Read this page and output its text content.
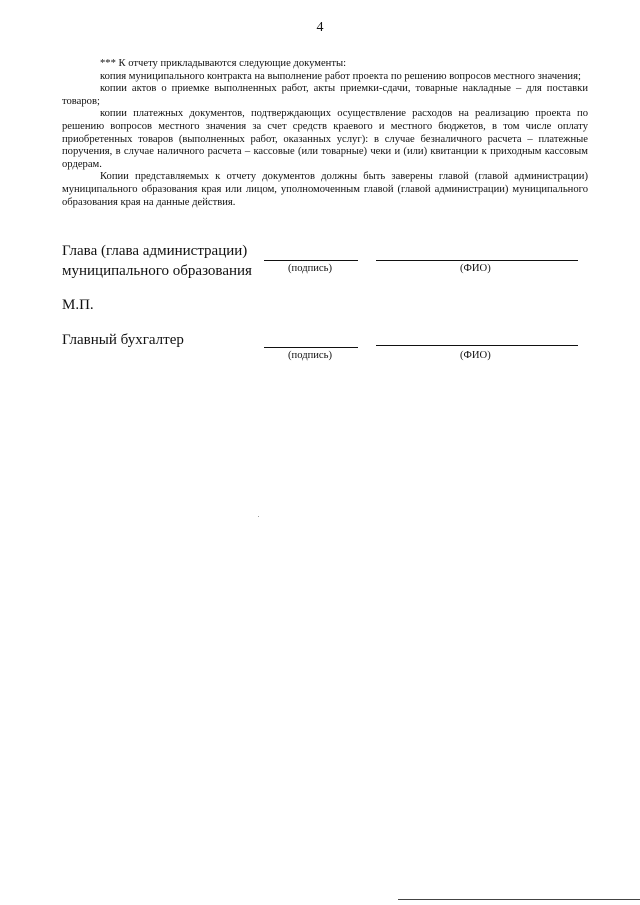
4

*** К отчету прикладываются следующие документы:

копия муниципального контракта на выполнение работ проекта по решению вопросов местного значения;

копии актов о приемке выполненных работ, акты приемки-сдачи, товарные накладные – для поставки товаров;

копии платежных документов, подтверждающих осуществление расходов на реализацию проекта по решению вопросов местного значения за счет средств краевого и местного бюджетов, в том числе оплату приобретенных товаров (выполненных работ, оказанных услуг): в случае безналичного расчета – платежные поручения, в случае наличного расчета – кассовые (или товарные) чеки и (или) квитанции к приходным кассовым ордерам.

Копии представляемых к отчету документов должны быть заверены главой (главой администрации) муниципального образования края или лицом, уполномоченным главой (главой администрации) муниципального образования края на данные действия.

Глава (глава администрации)
муниципального образования	(подпись)	(ФИО)
М.П.
Главный бухгалтер
(подпись)	(ФИО)
